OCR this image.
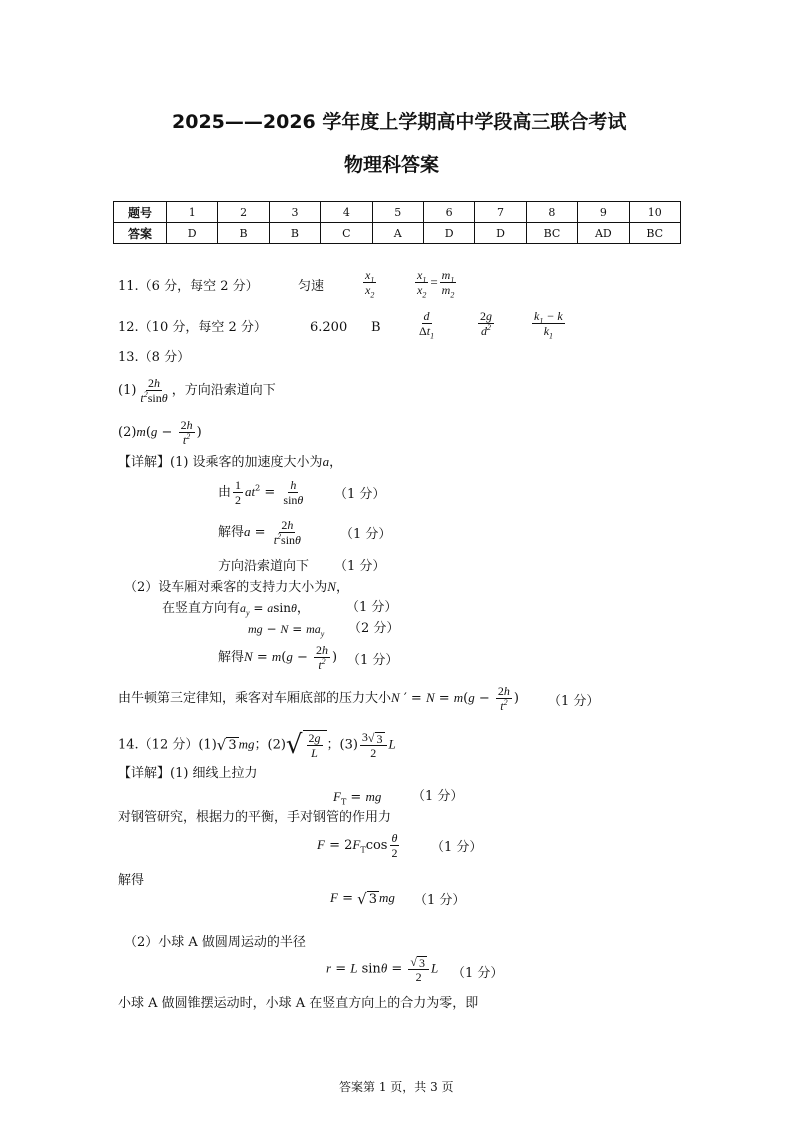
2025——2026 学年度上学期高中学段高三联合考试
物理科答案
题号	1	2	3	4	5	6	7	8	9	10
答案	D	B	B	C	A	D	D	BC	AD	BC
11.（6 分，每空 2 分）	匀速	$\frac{x_1}{x_2}$	$\frac{x_1}{x_2} = \frac{m_1}{m_2}$
12.（10 分，每空 2 分）	6.200 B	$\frac{d}{\Delta t_1}$	$\frac{2g}{d^2}$	$\frac{k_1 - k}{k_1}$
13.（8 分）
$(1) \frac{2h}{t^2\sin\theta}$ ，方向沿索道向下
$(2)m(g - \frac{2h}{t^2}$ )
【详解】(1) 设乘客的加速度大小为a，
由 $\frac{1}{2} at^2 = \frac{h}{\sin\theta} (1$ 分）
解得$a = \frac{2h}{t^2\sin\theta}$	（1 分）
方向沿索道向下 （1 分）
（2）设车厢对乘客的支持力大小为N，
在竖直方向有$a_y = asin\theta$，	（1 分）
mg − $N = ma_y$ （2 分）
解得$N = m(g - \frac{2h}{t^2}$ ) （1 分）
由牛顿第三定律知，乘客对车厢底部的压力大小N ′ = $N = m(g - \frac{2h}{t^2}$ ) （1 分）
14.（12 分）(1) √ 3 mg；(2) √ $\frac{2g}{L}$ ；$(3) \frac{3 √ 3}{2}$ L
【详解】(1) 细线上拉力
$F_T$ = mg （1 分）
对钢管研究，根据力的平衡，手对钢管的作用力
$F = 2F_T\cos \frac{\theta}{2} (1$ 分）
解得
F = √ 3 mg （1 分）
（2）小球 A 做圆周运动的半径
r = L $\sin\theta = \frac{√ 3}{2}$ L （1 分）
小球 A 做圆锥摆运动时，小球 A 在竖直方向上的合力为零，即
答案第 1 页，共 3 页
